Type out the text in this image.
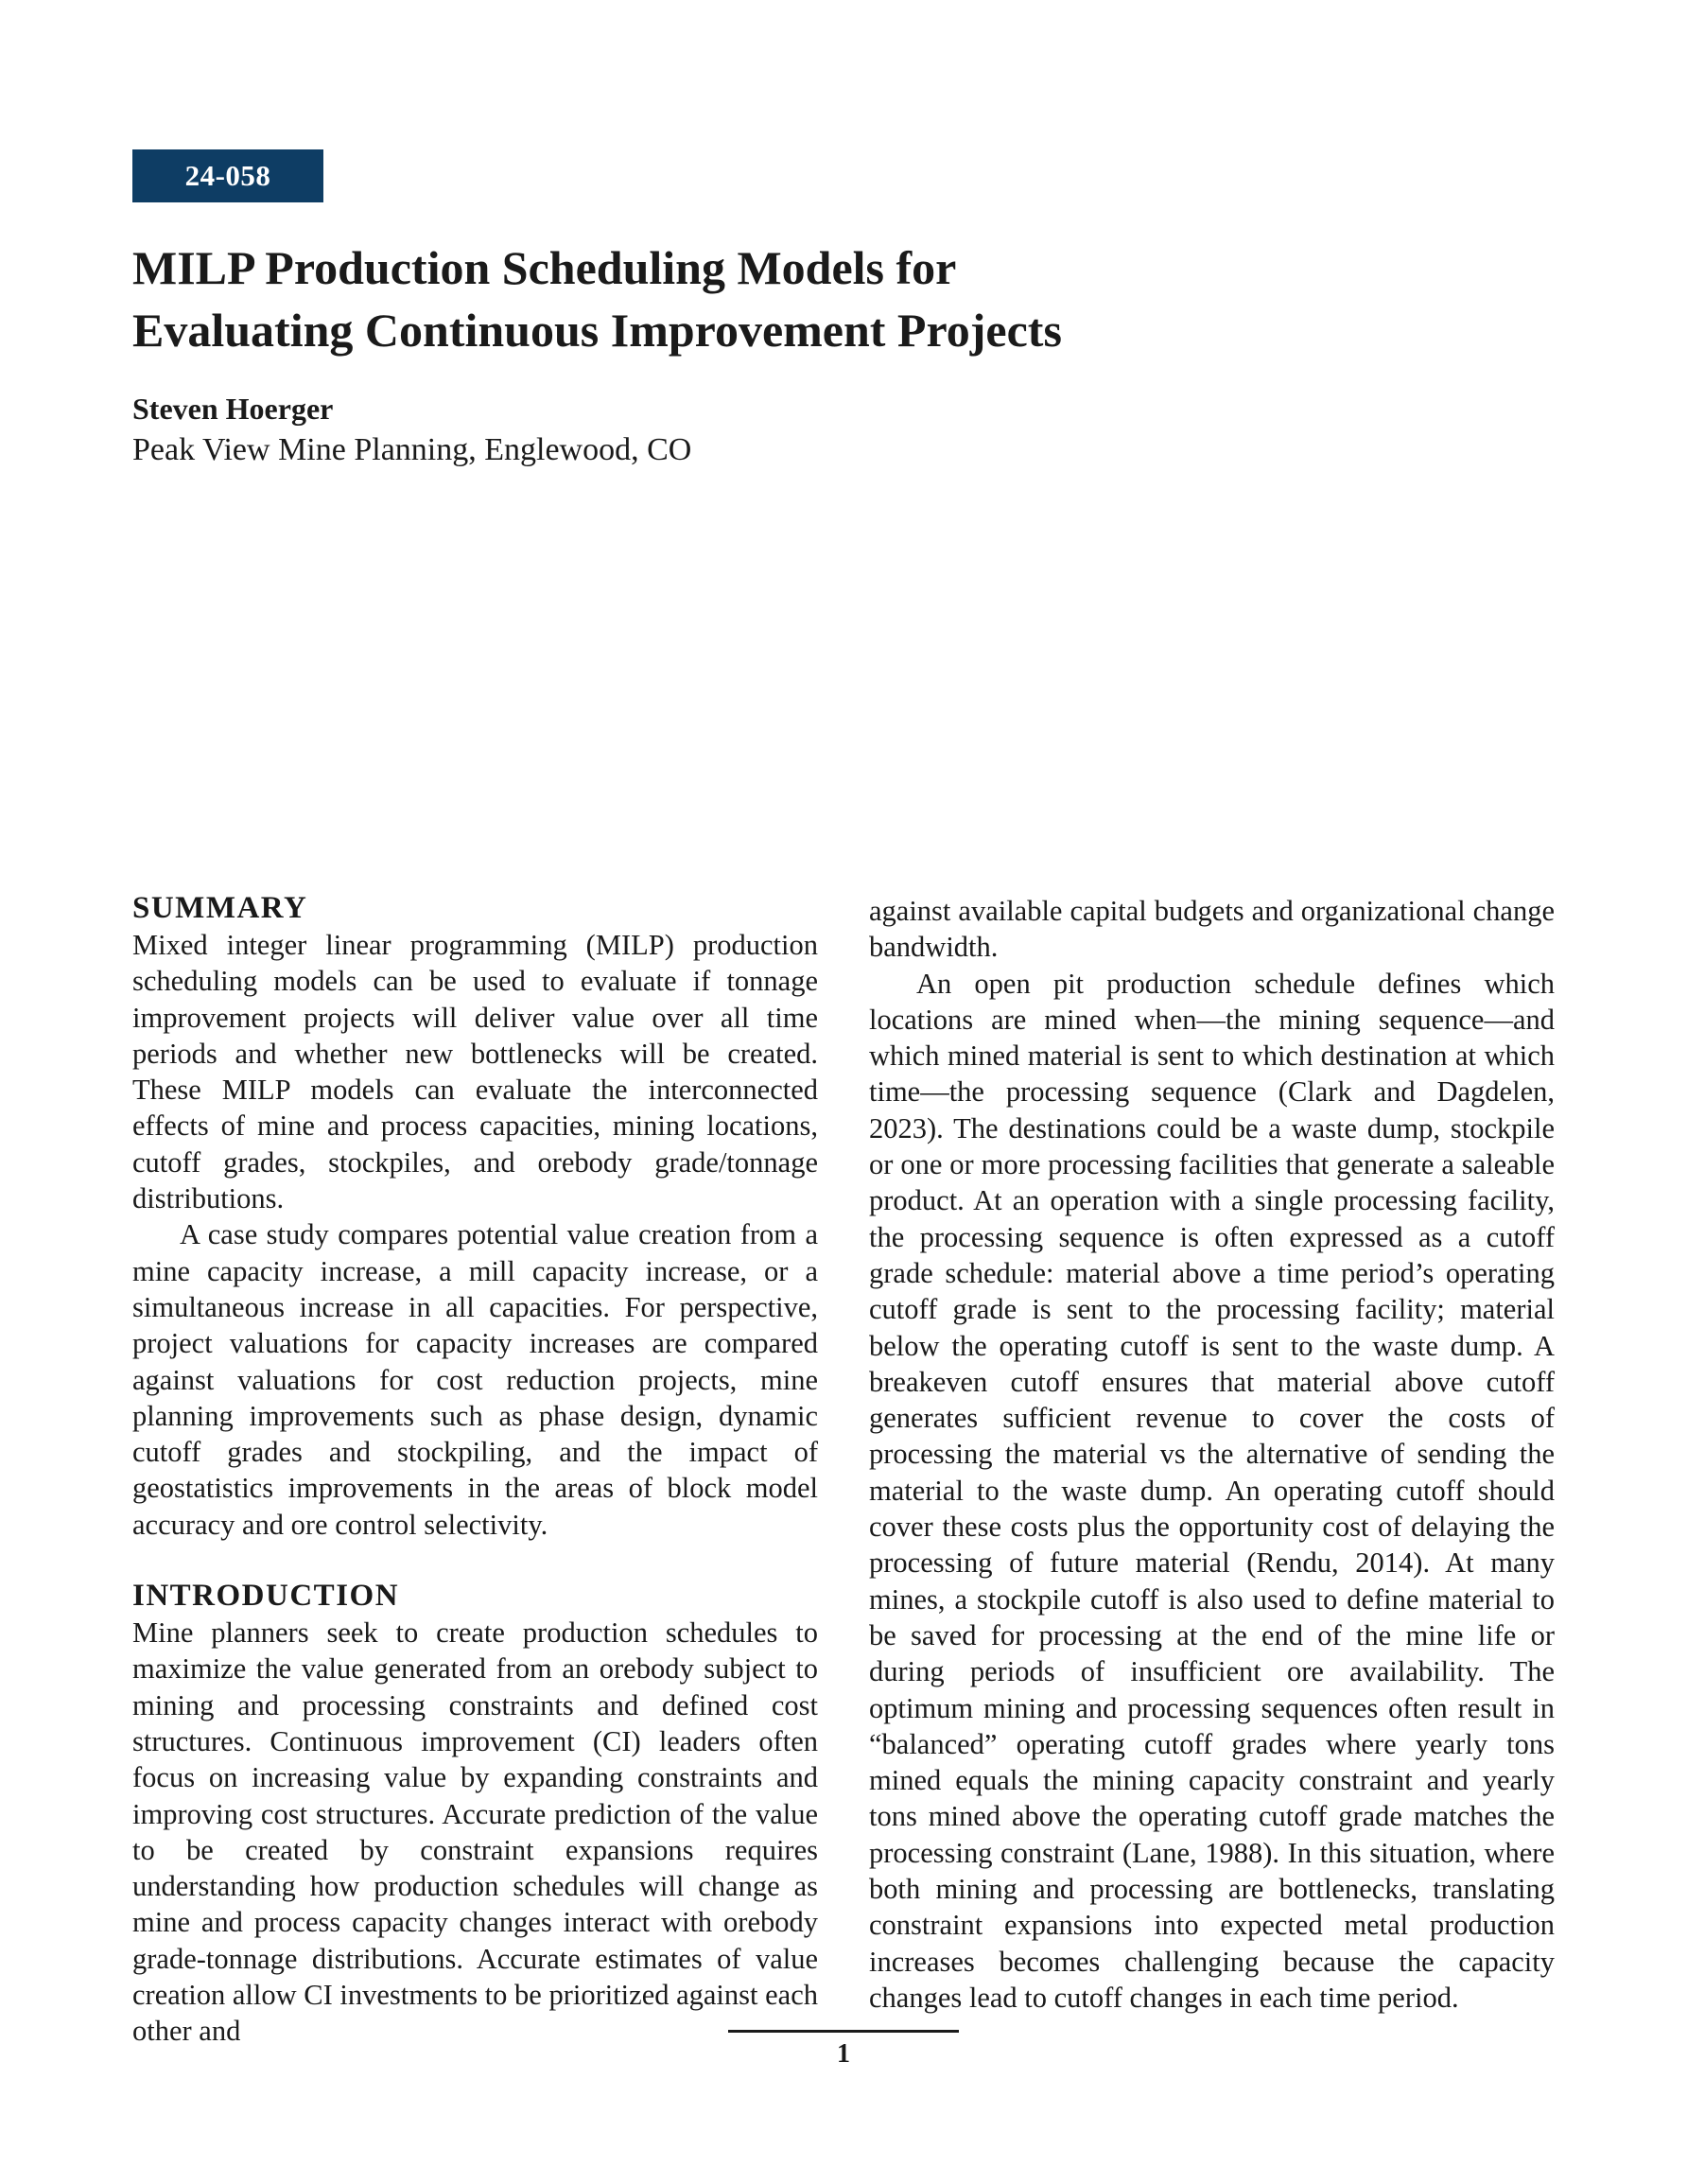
24-058
MILP Production Scheduling Models for
Evaluating Continuous Improvement Projects
Steven Hoerger
Peak View Mine Planning, Englewood, CO
SUMMARY

Mixed integer linear programming (MILP) production scheduling models can be used to evaluate if tonnage improvement projects will deliver value over all time periods and whether new bottlenecks will be created. These MILP models can evaluate the interconnected effects of mine and process capacities, mining locations, cutoff grades, stockpiles, and orebody grade/tonnage distributions.

A case study compares potential value creation from a mine capacity increase, a mill capacity increase, or a simultaneous increase in all capacities. For perspective, project valuations for capacity increases are compared against valuations for cost reduction projects, mine planning improvements such as phase design, dynamic cutoff grades and stockpiling, and the impact of geostatistics improvements in the areas of block model accuracy and ore control selectivity.

INTRODUCTION

Mine planners seek to create production schedules to maximize the value generated from an orebody subject to mining and processing constraints and defined cost structures. Continuous improvement (CI) leaders often focus on increasing value by expanding constraints and improving cost structures. Accurate prediction of the value to be created by constraint expansions requires understanding how production schedules will change as mine and process capacity changes interact with orebody grade-tonnage distributions. Accurate estimates of value creation allow CI investments to be prioritized against each other and

against available capital budgets and organizational change bandwidth.

An open pit production schedule defines which locations are mined when—the mining sequence—and which mined material is sent to which destination at which time—the processing sequence (Clark and Dagdelen, 2023). The destinations could be a waste dump, stockpile or one or more processing facilities that generate a saleable product. At an operation with a single processing facility, the processing sequence is often expressed as a cutoff grade schedule: material above a time period’s operating cutoff grade is sent to the processing facility; material below the operating cutoff is sent to the waste dump. A breakeven cutoff ensures that material above cutoff generates sufficient revenue to cover the costs of processing the material vs the alternative of sending the material to the waste dump. An operating cutoff should cover these costs plus the opportunity cost of delaying the processing of future material (Rendu, 2014). At many mines, a stockpile cutoff is also used to define material to be saved for processing at the end of the mine life or during periods of insufficient ore availability. The optimum mining and processing sequences often result in “balanced” operating cutoff grades where yearly tons mined equals the mining capacity constraint and yearly tons mined above the operating cutoff grade matches the processing constraint (Lane, 1988). In this situation, where both mining and processing are bottlenecks, translating constraint expansions into expected metal production increases becomes challenging because the capacity changes lead to cutoff changes in each time period.

1
